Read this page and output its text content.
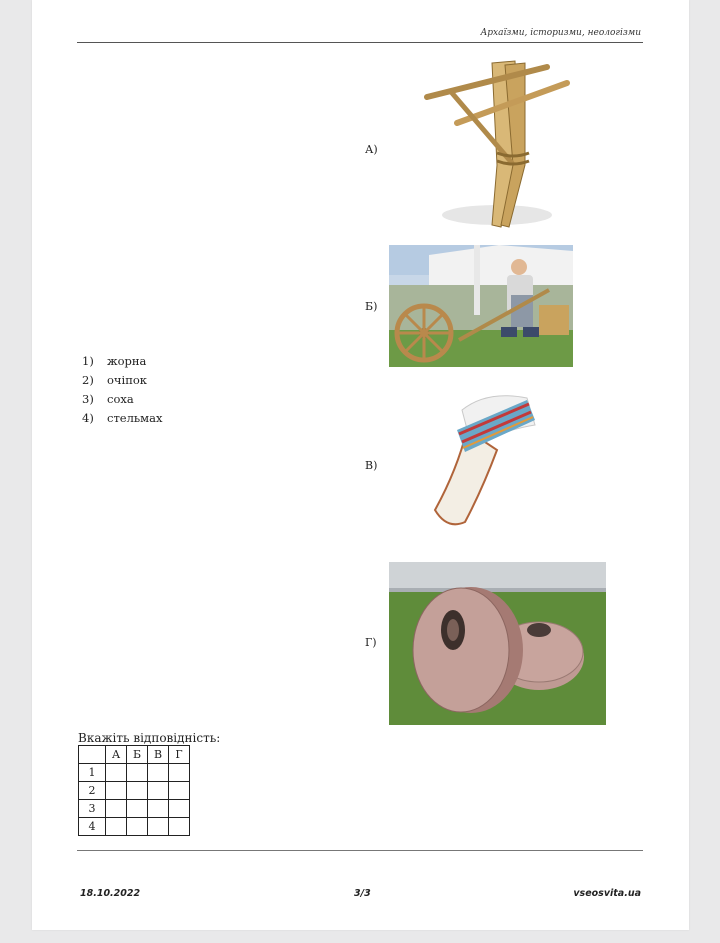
Архаїзми, історизми, неологізми
1)	жорна
2)	очіпок
3)	соха
4)	стельмах
А)
Б)
В)
Г)
Вкажіть відповідність:
	А	Б	В	Г
1				
2				
3				
4				
18.10.2022	3/3	vseosvita.ua
